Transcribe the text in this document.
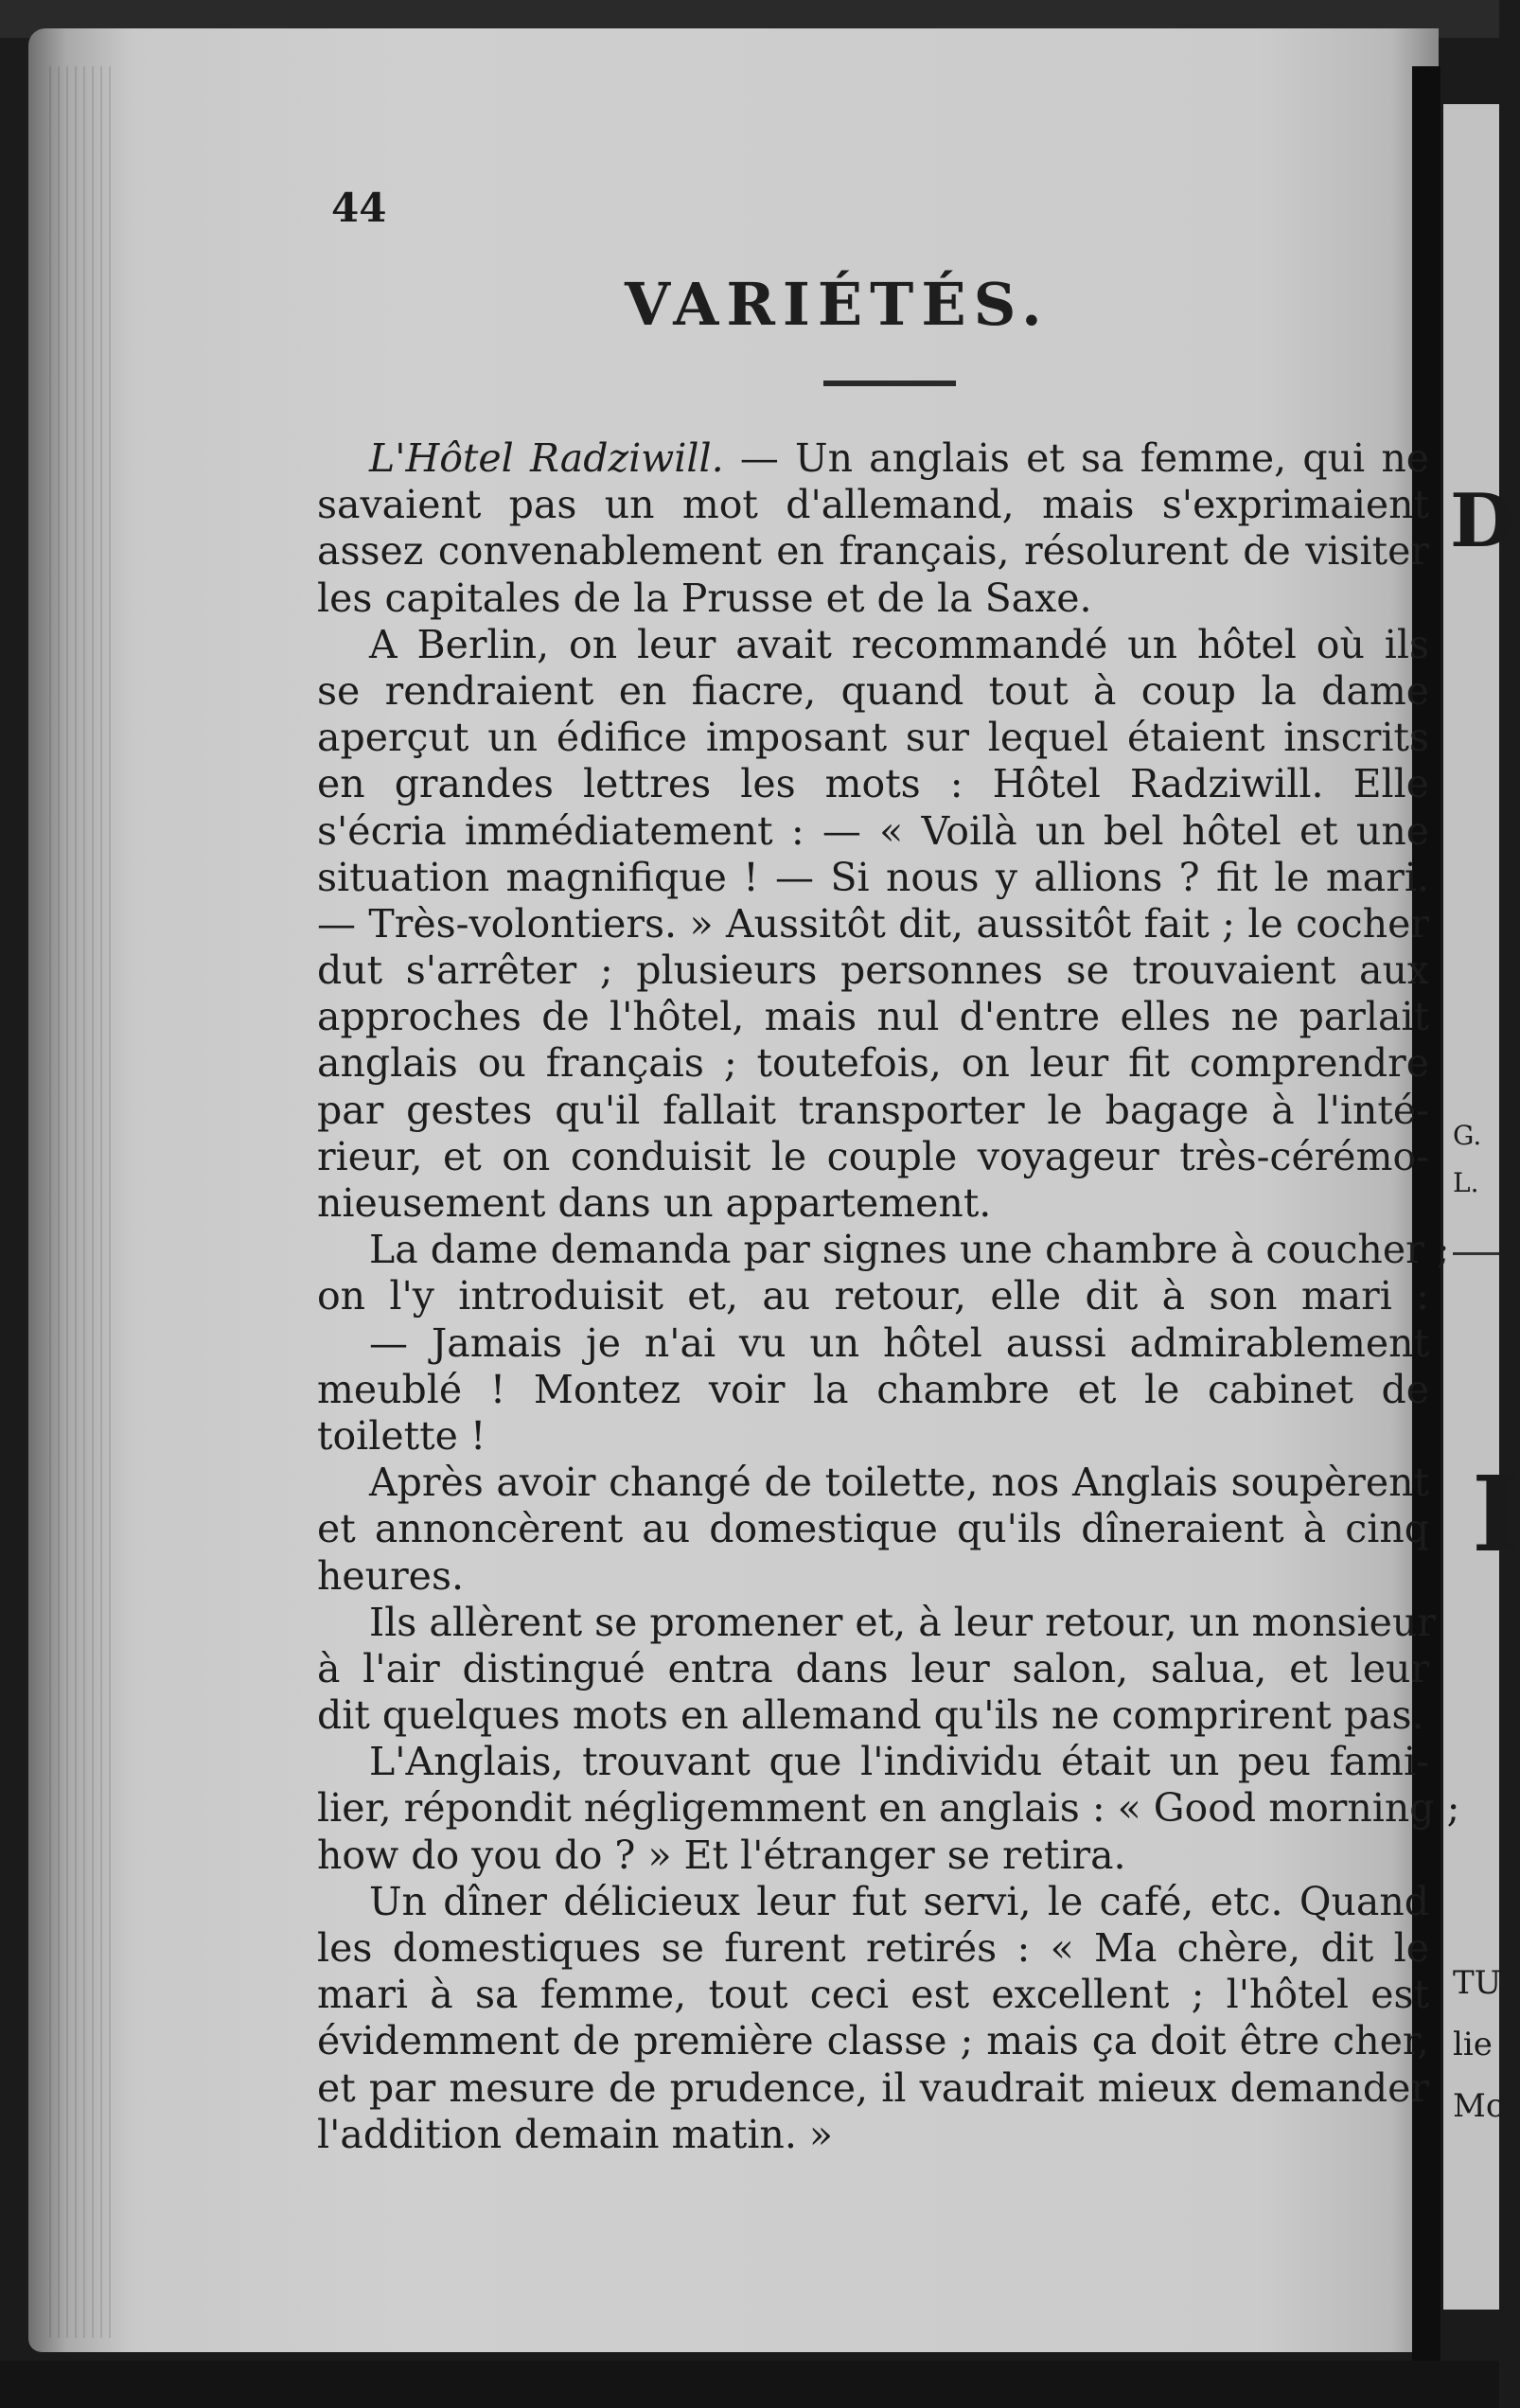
44
VARIÉTÉS.
L'Hôtel Radziwill. — Un anglais et sa femme, qui ne
savaient pas un mot d'allemand, mais s'exprimaient
assez convenablement en français, résolurent de visiter
les capitales de la Prusse et de la Saxe.
A Berlin, on leur avait recommandé un hôtel où ils
se rendraient en fiacre, quand tout à coup la dame
aperçut un édifice imposant sur lequel étaient inscrits
en grandes lettres les mots : Hôtel Radziwill. Elle
s'écria immédiatement : — « Voilà un bel hôtel et une
situation magnifique ! — Si nous y allions ? fit le mari.
— Très-volontiers. » Aussitôt dit, aussitôt fait ; le cocher
dut s'arrêter ; plusieurs personnes se trouvaient aux
approches de l'hôtel, mais nul d'entre elles ne parlait
anglais ou français ; toutefois, on leur fit comprendre
par gestes qu'il fallait transporter le bagage à l'inté-
rieur, et on conduisit le couple voyageur très-cérémo-
nieusement dans un appartement.
La dame demanda par signes une chambre à coucher ;
on l'y introduisit et, au retour, elle dit à son mari :
— Jamais je n'ai vu un hôtel aussi admirablement
meublé ! Montez voir la chambre et le cabinet de
toilette !
Après avoir changé de toilette, nos Anglais soupèrent
et annoncèrent au domestique qu'ils dîneraient à cinq
heures.
Ils allèrent se promener et, à leur retour, un monsieur
à l'air distingué entra dans leur salon, salua, et leur
dit quelques mots en allemand qu'ils ne comprirent pas.
L'Anglais, trouvant que l'individu était un peu fami-
lier, répondit négligemment en anglais : « Good morning ;
how do you do ? » Et l'étranger se retira.
Un dîner délicieux leur fut servi, le café, etc. Quand
les domestiques se furent retirés : « Ma chère, dit le
mari à sa femme, tout ceci est excellent ; l'hôtel est
évidemment de première classe ; mais ça doit être cher,
et par mesure de prudence, il vaudrait mieux demander
l'addition demain matin. »
D
G.
L.
I
TU
lie
Mc
